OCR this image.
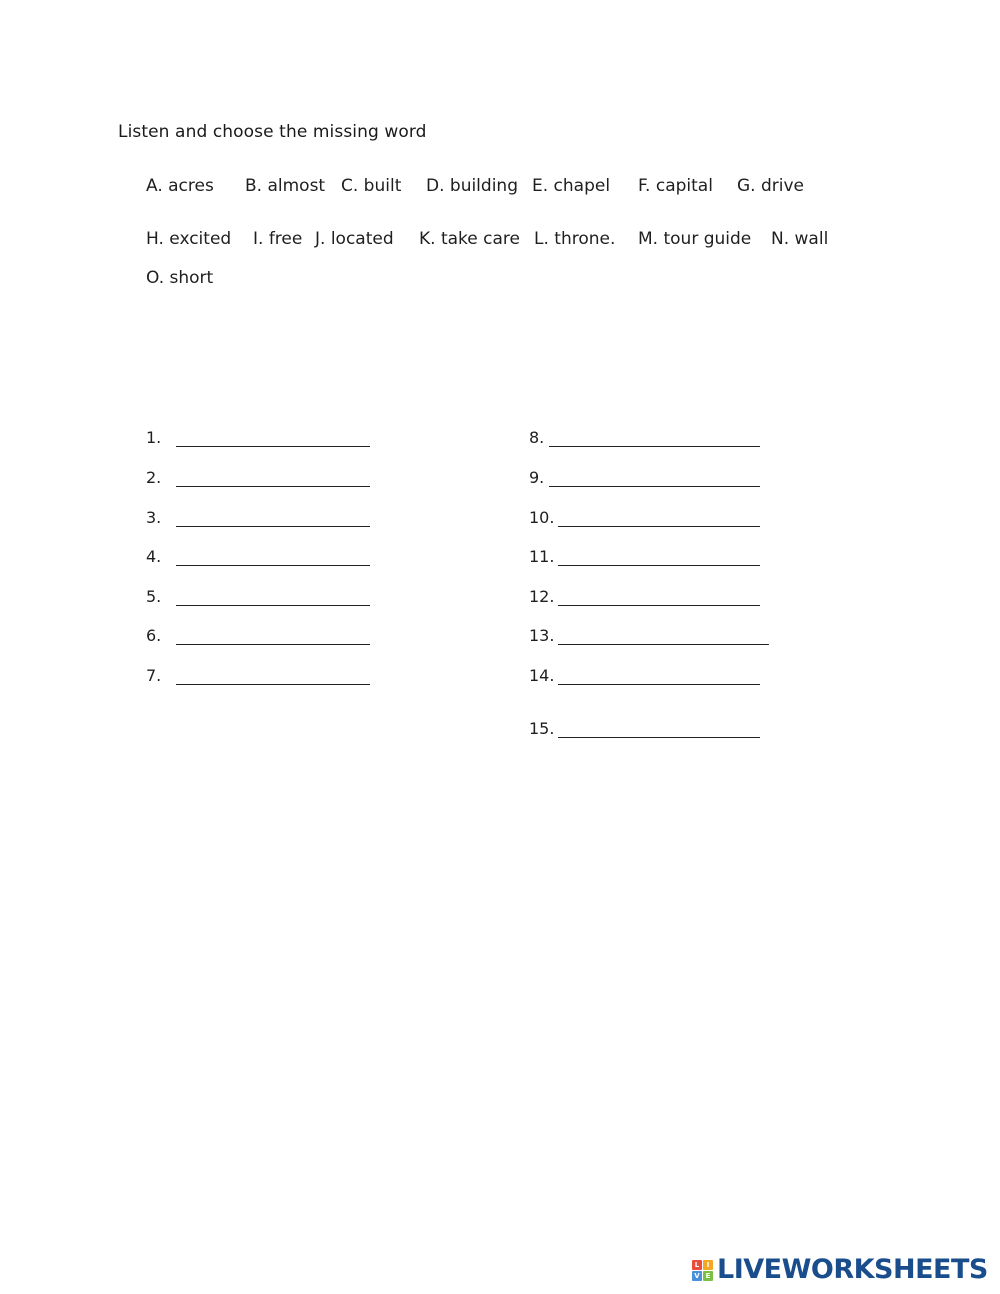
Listen and choose the missing word
A. acres B. almost C. built D. building E. chapel F. capital G. drive
H. excited I. free J. located K. take care L. throne. M. tour guide N. wall
O. short
1.
2.
3.
4.
5.
6.
7.
8.
9.
10.
11.
12.
13.
14.
15.
L	I
V E LIVEWORKSHEETS
